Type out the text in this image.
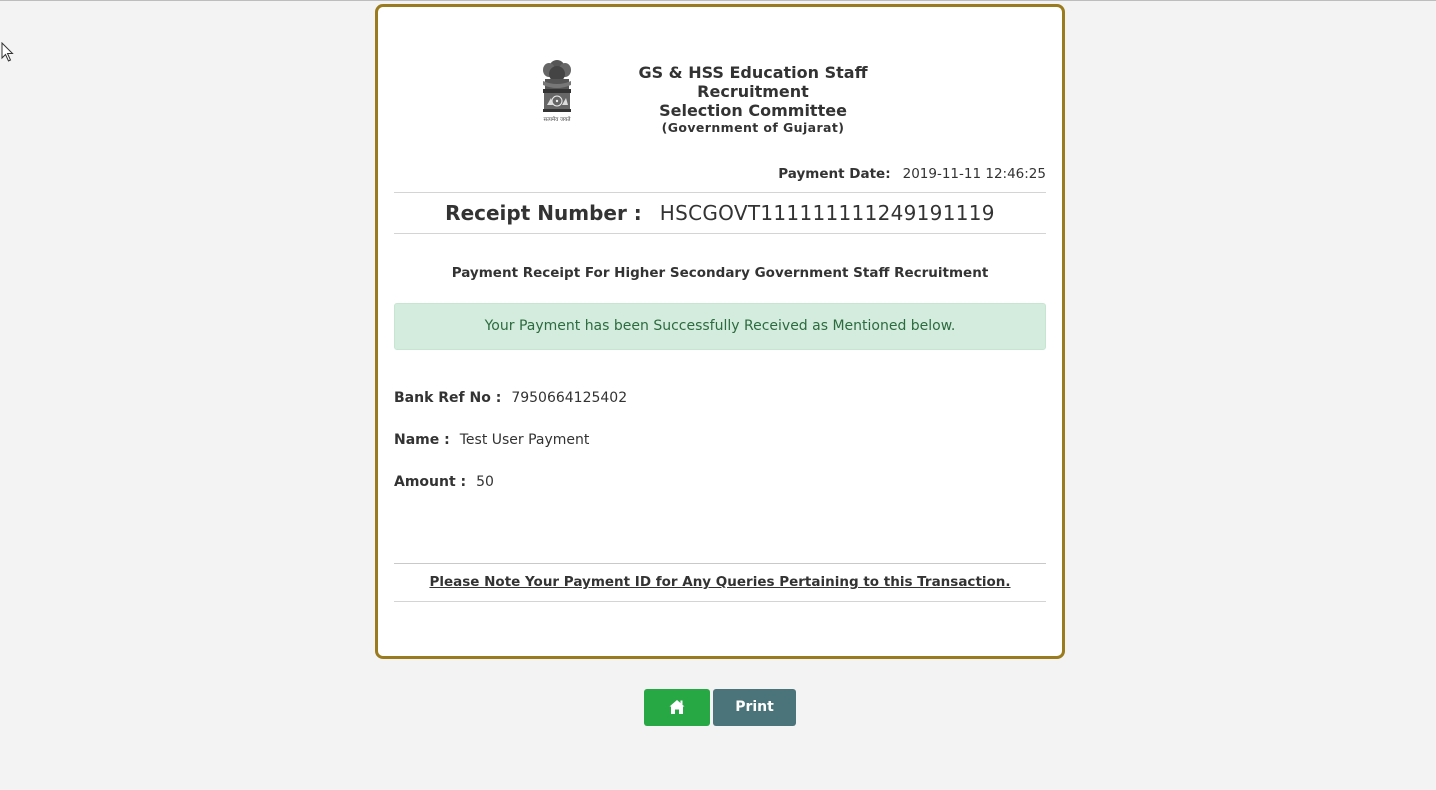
सत्यमेव जयते
GS & HSS Education Staff Recruitment
Selection Committee
(Government of Gujarat)
Payment Date: 2019-11-11 12:46:25
Receipt Number : HSCGOVT111111111249191119
Payment Receipt For Higher Secondary Government Staff Recruitment
Your Payment has been Successfully Received as Mentioned below.
Bank Ref No : 7950664125402
Name : Test User Payment
Amount : 50
Please Note Your Payment ID for Any Queries Pertaining to this Transaction.
Print
